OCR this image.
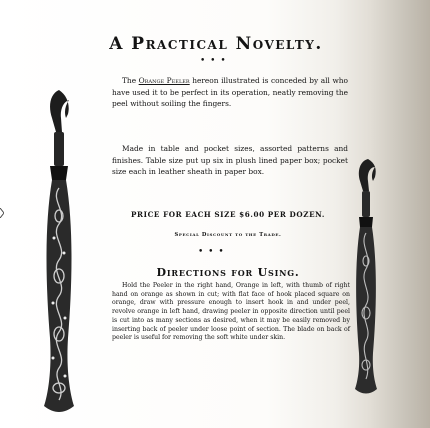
A Practical Novelty.
• • •
The Orange Peeler hereon illustrated is conceded by all who have used it to be perfect in its operation, neatly removing the peel without soiling the fingers.
Made in table and pocket sizes, assorted patterns and finishes. Table size put up six in plush lined paper box; pocket size each in leather sheath in paper box.
PRICE FOR EACH SIZE $6.00 PER DOZEN.
Special Discount to the Trade.
• • •
Directions for Using.
Hold the Peeler in the right hand, Orange in left, with thumb of right hand on orange as shown in cut; with flat face of hook placed square on orange, draw with pressure enough to insert hook in and under peel, revolve orange in left hand, drawing peeler in opposite direction until peel is cut into as many sections as desired, when it may be easily removed by inserting back of peeler under loose point of section. The blade on back of peeler is useful for removing the soft white under skin.
